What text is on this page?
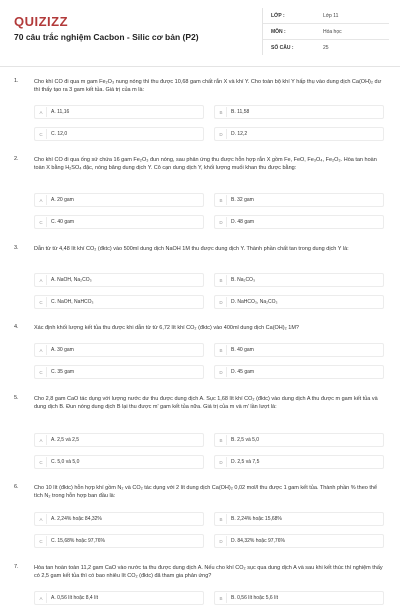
QUIZIZZ
70 câu trắc nghiệm Cacbon - Silic cơ bản (P2)
LỚP :	Lớp 11
MÔN :	Hóa học
SỐ CÂU :	25
1.	Cho khí CO đi qua m gam Fe₂O₃ nung nóng thì thu được 10,68 gam chất rắn X và khí Y. Cho toàn bộ khí Y hấp thụ vào dung dịch Ca(OH)₂ dư thì thấy tạo ra 3 gam kết tủa. Giá trị của m là:
A	A. 11,16	B	B. 11,58
C	C. 12,0	D	D. 12,2
2.	Cho khí CO đi qua ống sứ chứa 16 gam Fe₂O₃ đun nóng, sau phản ứng thu được hỗn hợp rắn X gồm Fe, FeO, Fe₃O₄, Fe₂O₃. Hòa tan hoàn toàn X bằng H₂SO₄ đặc, nóng băng dung dịch Y. Cô cạn dung dịch Y, khối lượng muối khan thu được bằng:
A	A. 20 gam	B	B. 32 gam
C	C. 40 gam	D	D. 48 gam
3.	Dẫn từ từ 4,48 lít khí CO₂ (đktc) vào 500ml dung dịch NaOH 1M thu được dung dịch Y. Thành phần chất tan trong dung dịch Y là:
A	A. NaOH, Na₂CO₃	B	B. Na₂CO₃
C	C. NaOH, NaHCO₃	D	D. NaHCO₃, Na₂CO₃
4.	Xác định khối lượng kết tủa thu được khi dẫn từ từ 6,72 lít khí CO₂ (đktc) vào 400ml dung dịch Ca(OH)₂ 1M?
A	A. 30 gam	B	B. 40 gam
C	C. 35 gam	D	D. 45 gam
5.	Cho 2,8 gam CaO tác dụng với lượng nước dư thu được dung dịch A. Sục 1,68 lít khí CO₂ (đktc) vào dung dịch A thu được m gam kết tủa và dung dịch B. Đun nóng dung dịch B lại thu được m' gam kết tủa nữa. Giá trị của m và m' lần lượt là:
A	A. 2,5 và 2,5	B	B. 2,5 và 5,0
C	C. 5,0 và 5,0	D	D. 2,5 và 7,5
6.	Cho 10 lít (đktc) hỗn hợp khí gồm N₂ và CO₂ tác dụng với 2 lít dung dịch Ca(OH)₂ 0,02 mol/l thu được 1 gam kết tủa. Thành phần % theo thể tích N₂ trong hỗn hợp ban đầu là:
A	A. 2,24% hoặc 84,32%	B	B. 2,24% hoặc 15,68%
C	C. 15,68% hoặc 97,76%	D	D. 84,32% hoặc 97,76%
7.	Hòa tan hoàn toàn 11,2 gam CaO vào nước ta thu được dung dịch A. Nếu cho khí CO₂ sục qua dung dịch A và sau khi kết thúc thí nghiệm thấy có 2,5 gam kết tủa thì có bao nhiêu lít CO₂ (đktc) đã tham gia phản ứng?
A	A. 0,56 lít hoặc 8,4 lít	B	B. 0,56 lít hoặc 5,6 lít
